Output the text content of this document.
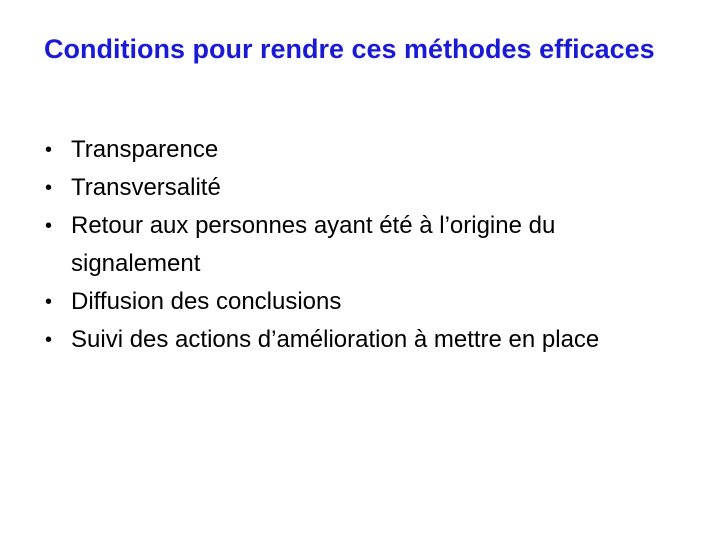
Conditions pour rendre ces méthodes efficaces
• Transparence
• Transversalité
• Retour aux personnes ayant été à l’origine du signalement
• Diffusion des conclusions
• Suivi des actions d’amélioration à mettre en place
